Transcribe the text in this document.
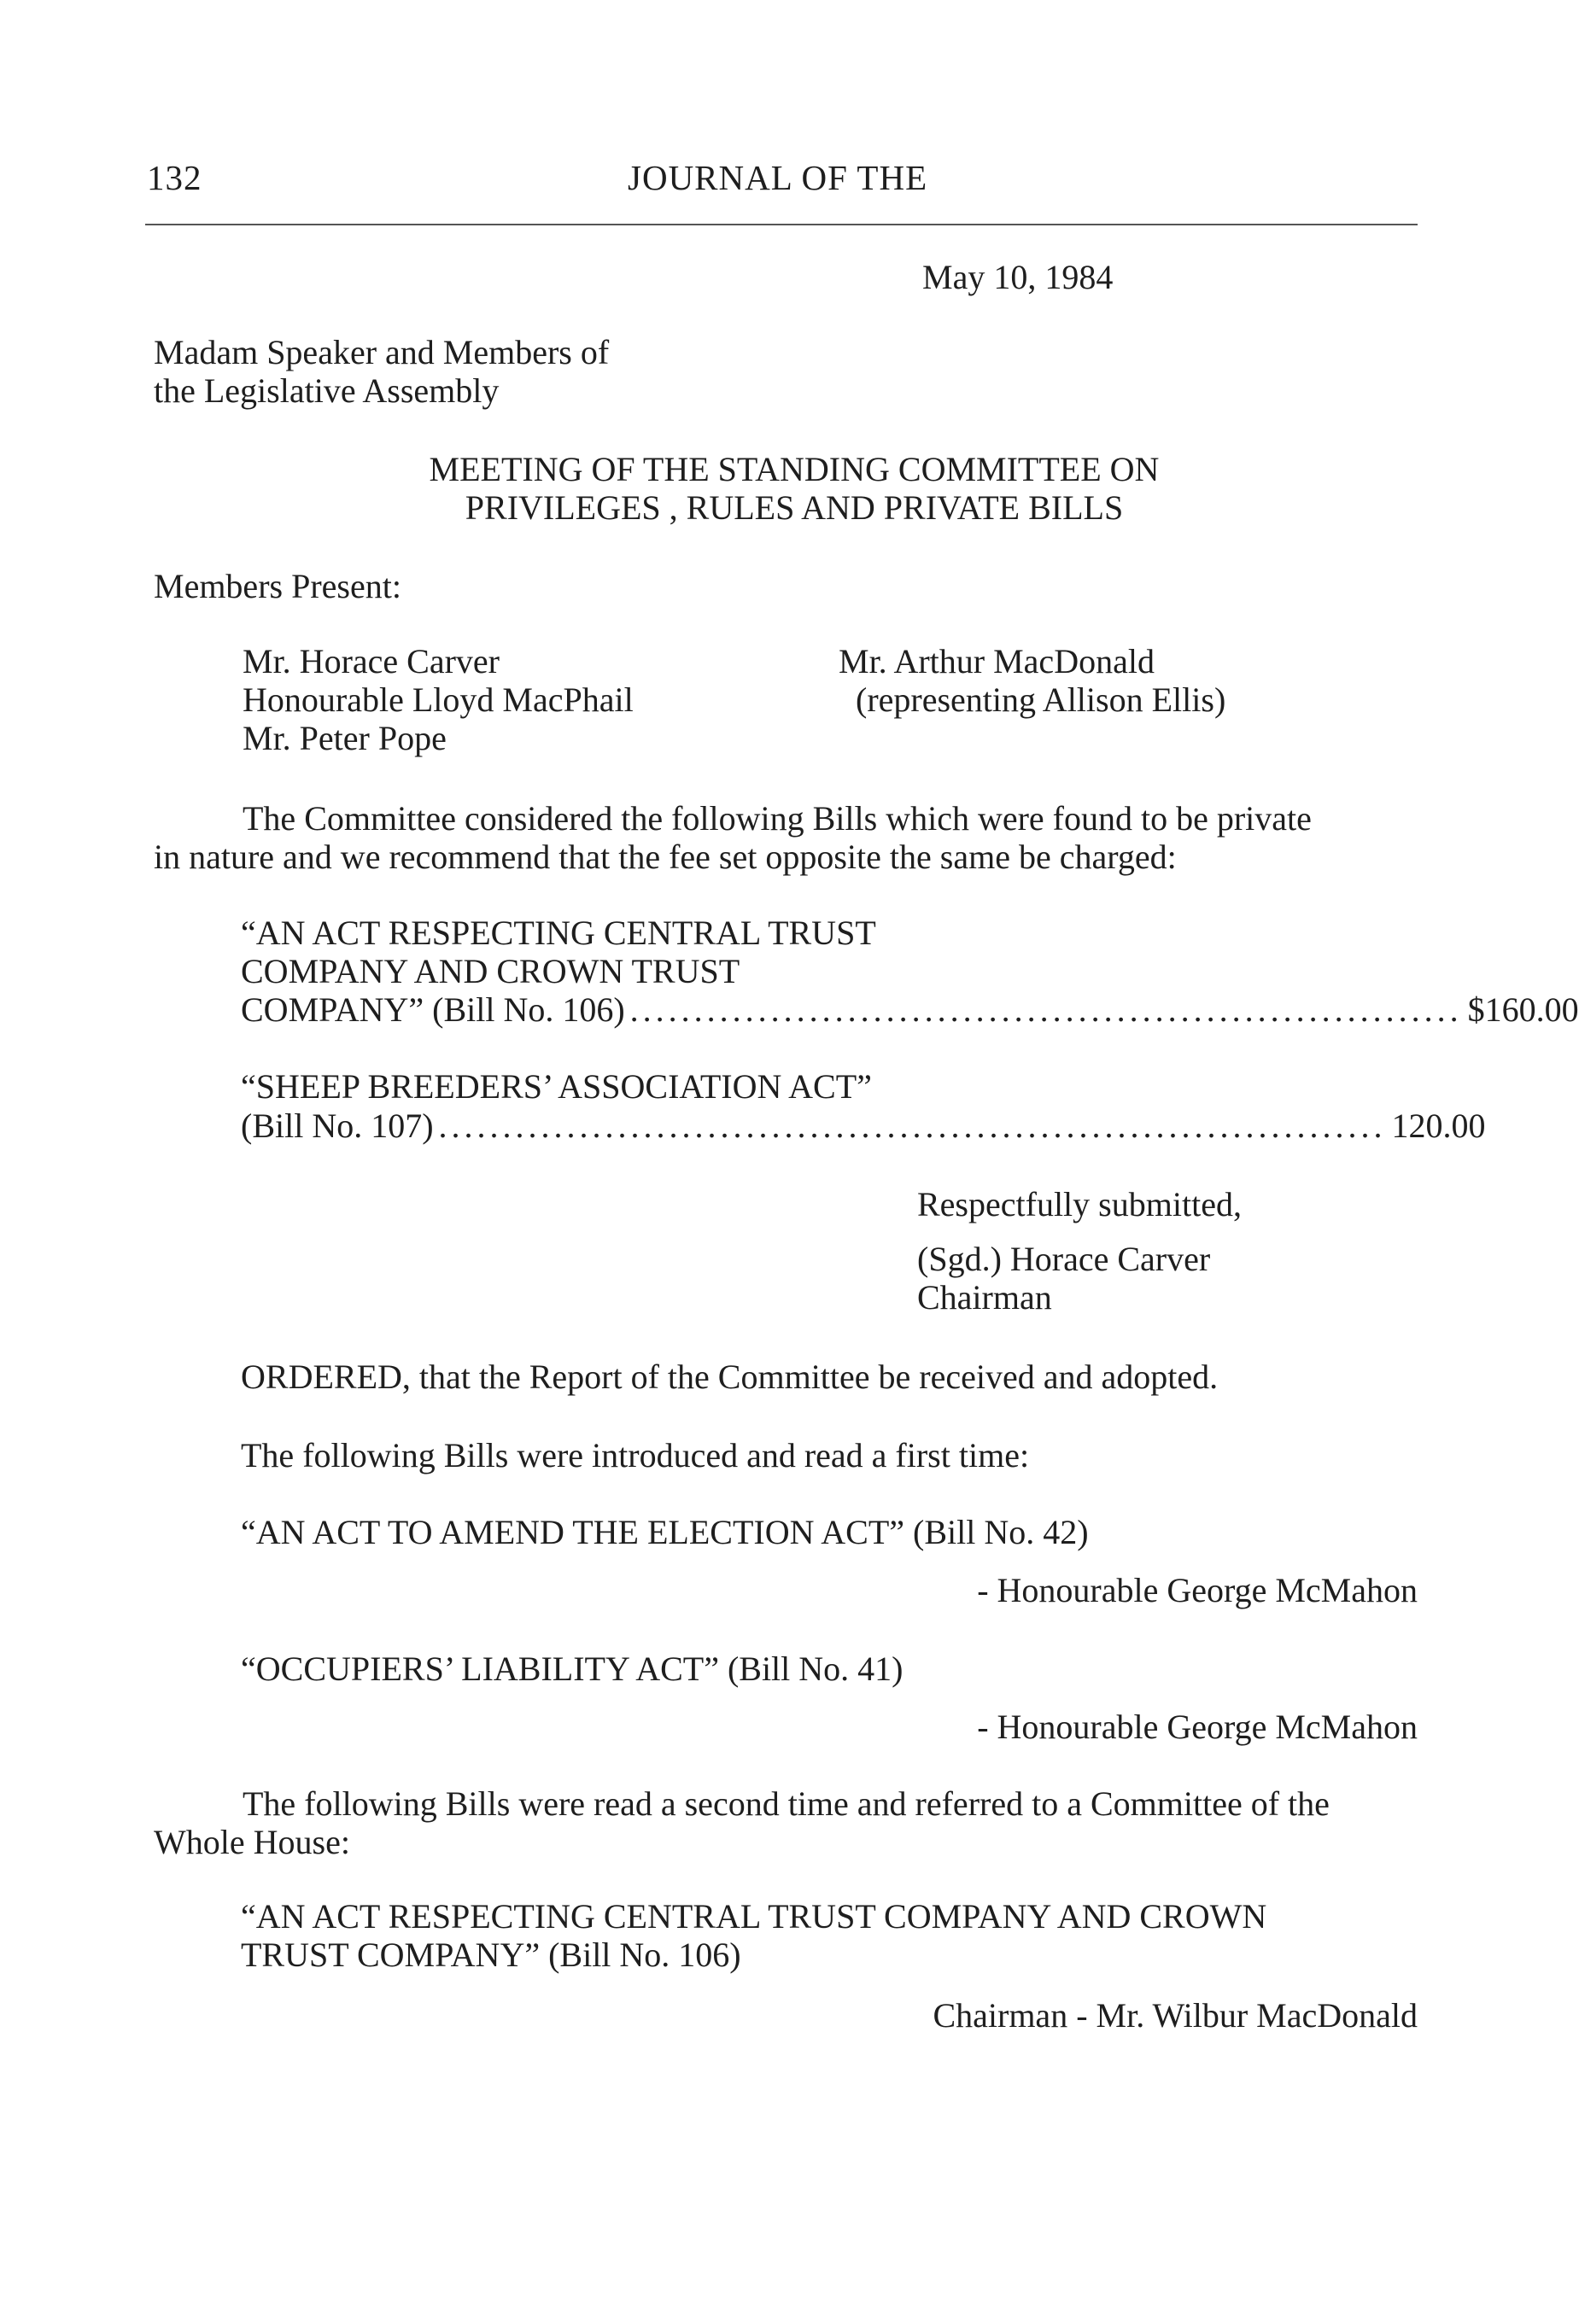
132	JOURNAL OF THE
May 10, 1984
Madam Speaker and Members of
the Legislative Assembly
MEETING OF THE STANDING COMMITTEE ON
PRIVILEGES , RULES AND PRIVATE BILLS
Members Present:
Mr. Horace Carver
Honourable Lloyd MacPhail
Mr. Peter Pope
Mr. Arthur MacDonald
(representing Allison Ellis)
The Committee considered the following Bills which were found to be private
in nature and we recommend that the fee set opposite the same be charged:
“AN ACT RESPECTING CENTRAL TRUST
COMPANY AND CROWN TRUST
COMPANY” (Bill No. 106) ................................................................. $160.00
“SHEEP BREEDERS’ ASSOCIATION ACT”
(Bill No. 107) .......................................................................... 120.00
Respectfully submitted,
(Sgd.) Horace Carver
Chairman
ORDERED, that the Report of the Committee be received and adopted.
The following Bills were introduced and read a first time:
“AN ACT TO AMEND THE ELECTION ACT” (Bill No. 42)
- Honourable George McMahon
“OCCUPIERS’ LIABILITY ACT” (Bill No. 41)
- Honourable George McMahon
The following Bills were read a second time and referred to a Committee of the
Whole House:
“AN ACT RESPECTING CENTRAL TRUST COMPANY AND CROWN
TRUST COMPANY” (Bill No. 106)
Chairman - Mr. Wilbur MacDonald
